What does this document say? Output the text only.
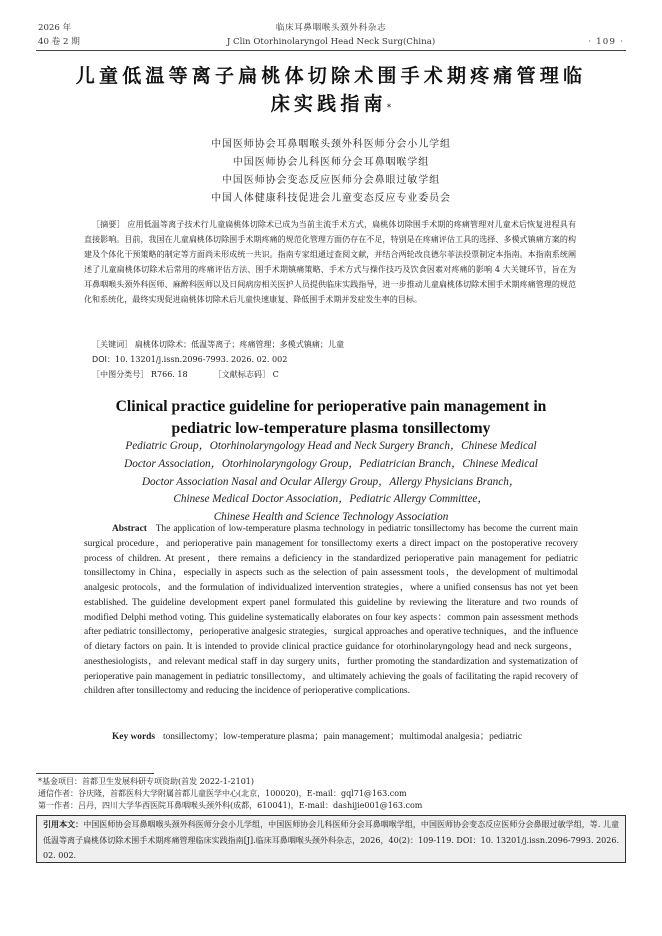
2026 年
40 卷 2 期
临床耳鼻咽喉头颈外科杂志
J Clin Otorhinolaryngol Head Neck Surg(China)	· 109 ·
儿童低温等离子扁桃体切除术围手术期疼痛管理临
床实践指南*
中国医师协会耳鼻咽喉头颈外科医师分会小儿学组
中国医师协会儿科医师分会耳鼻咽喉学组
中国医师协会变态反应医师分会鼻眼过敏学组
中国人体健康科技促进会儿童变态反应专业委员会
［摘要］ 应用低温等离子技术行儿童扁桃体切除术已成为当前主流手术方式，扁桃体切除围手术期的疼痛管理对儿童术后恢复进程具有直接影响。目前，我国在儿童扁桃体切除围手术期疼痛的规范化管理方面仍存在不足，特别是在疼痛评估工具的选择、多模式镇痛方案的构建及个体化干预策略的制定等方面尚未形成统一共识。指南专家组通过查阅文献，并结合两轮改良德尔菲法投票制定本指南。本指南系统阐述了儿童扁桃体切除术后常用的疼痛评估方法、围手术期镇痛策略、手术方式与操作技巧及饮食因素对疼痛的影响 4 大关键环节，旨在为耳鼻咽喉头颈外科医师、麻醉科医师以及日间病房相关医护人员提供临床实践指导，进一步推动儿童扁桃体切除术围手术期疼痛管理的规范化和系统化，最终实现促进扁桃体切除术后儿童快速康复、降低围手术期并发症发生率的目标。
［关键词］ 扁桃体切除术；低温等离子；疼痛管理；多模式镇痛；儿童
DOI：10. 13201/j.issn.2096-7993. 2026. 02. 002
［中图分类号］ R766. 18	［文献标志码］ C
Clinical practice guideline for perioperative pain management in
pediatric low-temperature plasma tonsillectomy
Pediatric Group，Otorhinolaryngology Head and Neck Surgery Branch，Chinese Medical
Doctor Association，Otorhinolaryngology Group，Pediatrician Branch，Chinese Medical
Doctor Association Nasal and Ocular Allergy Group，Allergy Physicians Branch，
Chinese Medical Doctor Association，Pediatric Allergy Committee，
Chinese Health and Science Technology Association
Abstract The application of low-temperature plasma technology in pediatric tonsillectomy has become the current main surgical procedure，and perioperative pain management for tonsillectomy exerts a direct impact on the postoperative recovery process of children. At present，there remains a deficiency in the standardized perioperative pain management for pediatric tonsillectomy in China，especially in aspects such as the selection of pain assessment tools，the development of multimodal analgesic protocols，and the formulation of individualized intervention strategies，where a unified consensus has not yet been established. The guideline development expert panel formulated this guideline by reviewing the literature and two rounds of modified Delphi method voting. This guideline systematically elaborates on four key aspects：common pain assessment methods after pediatric tonsillectomy，perioperative analgesic strategies，surgical approaches and operative techniques，and the influence of dietary factors on pain. It is intended to provide clinical practice guidance for otorhinolaryngology head and neck surgeons，anesthesiologists，and relevant medical staff in day surgery units，further promoting the standardization and systematization of perioperative pain management in pediatric tonsillectomy，and ultimately achieving the goals of facilitating the rapid recovery of children after tonsillectomy and reducing the incidence of perioperative complications.
Key words tonsillectomy；low-temperature plasma；pain management；multimodal analgesia；pediatric
*基金项目：首都卫生发展科研专项资助(首发 2022-1-2101)
通信作者：谷庆隆，首都医科大学附属首都儿童医学中心(北京，100020)，E-mail：gql71@163.com
第一作者：吕丹，四川大学华西医院耳鼻咽喉头颈外科(成都，610041)，E-mail：dashijie001@163.com
引用本文：中国医师协会耳鼻咽喉头颈外科医师分会小儿学组，中国医师协会儿科医师分会耳鼻咽喉学组，中国医师协会变态反应医师分会鼻眼过敏学组，等. 儿童低温等离子扁桃体切除术围手术期疼痛管理临床实践指南[J].临床耳鼻咽喉头颈外科杂志，2026，40(2)：109-119. DOI：10. 13201/j.issn.2096-7993. 2026. 02. 002.
